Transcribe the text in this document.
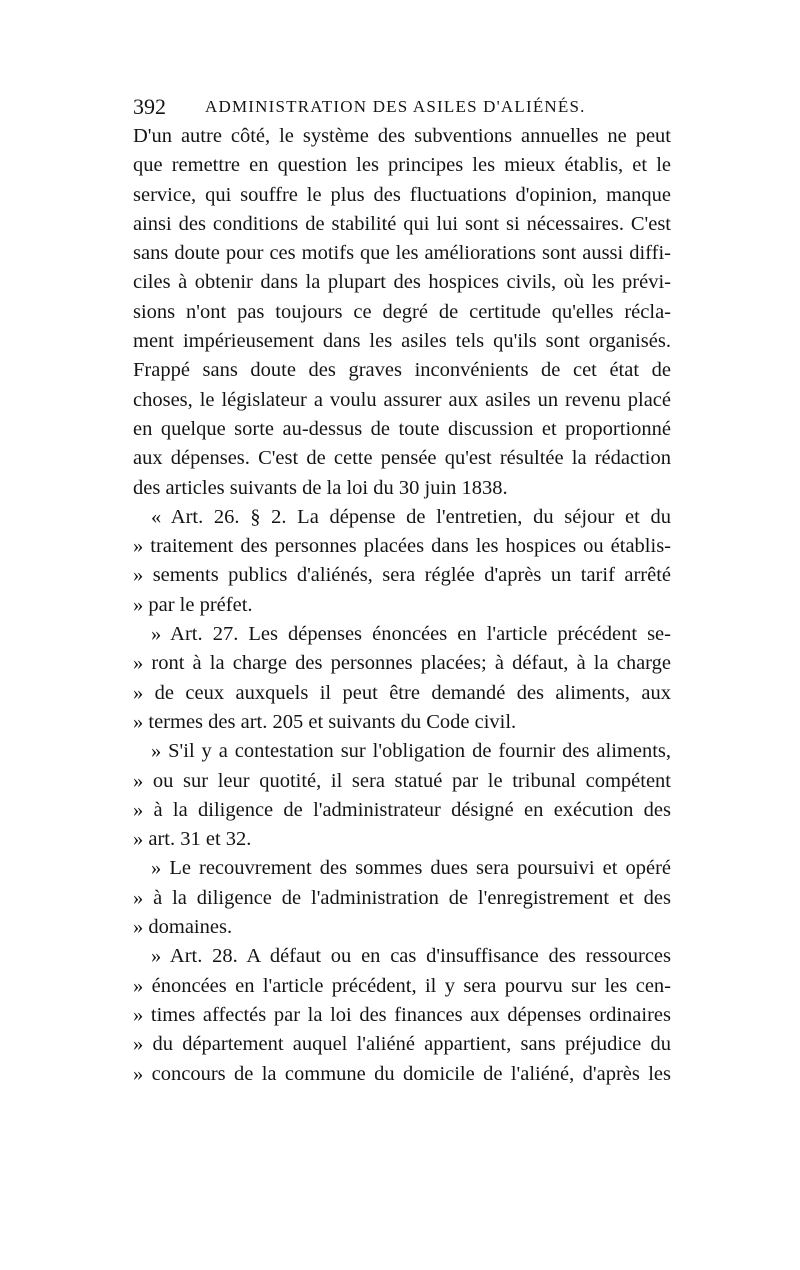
392 ADMINISTRATION DES ASILES D'ALIÉNÉS.
D'un autre côté, le système des subventions annuelles ne peut
que remettre en question les principes les mieux établis, et le
service, qui souffre le plus des fluctuations d'opinion, manque
ainsi des conditions de stabilité qui lui sont si nécessaires. C'est
sans doute pour ces motifs que les améliorations sont aussi diffi-
ciles à obtenir dans la plupart des hospices civils, où les prévi-
sions n'ont pas toujours ce degré de certitude qu'elles récla-
ment impérieusement dans les asiles tels qu'ils sont organisés.
Frappé sans doute des graves inconvénients de cet état de
choses, le législateur a voulu assurer aux asiles un revenu placé
en quelque sorte au-dessus de toute discussion et proportionné
aux dépenses. C'est de cette pensée qu'est résultée la rédaction
des articles suivants de la loi du 30 juin 1838.
« Art. 26. § 2. La dépense de l'entretien, du séjour et du
» traitement des personnes placées dans les hospices ou établis-
» sements publics d'aliénés, sera réglée d'après un tarif arrêté
» par le préfet.
» Art. 27. Les dépenses énoncées en l'article précédent se-
» ront à la charge des personnes placées; à défaut, à la charge
» de ceux auxquels il peut être demandé des aliments, aux
» termes des art. 205 et suivants du Code civil.
» S'il y a contestation sur l'obligation de fournir des aliments,
» ou sur leur quotité, il sera statué par le tribunal compétent
» à la diligence de l'administrateur désigné en exécution des
» art. 31 et 32.
» Le recouvrement des sommes dues sera poursuivi et opéré
» à la diligence de l'administration de l'enregistrement et des
» domaines.
» Art. 28. A défaut ou en cas d'insuffisance des ressources
» énoncées en l'article précédent, il y sera pourvu sur les cen-
» times affectés par la loi des finances aux dépenses ordinaires
» du département auquel l'aliéné appartient, sans préjudice du
» concours de la commune du domicile de l'aliéné, d'après les
